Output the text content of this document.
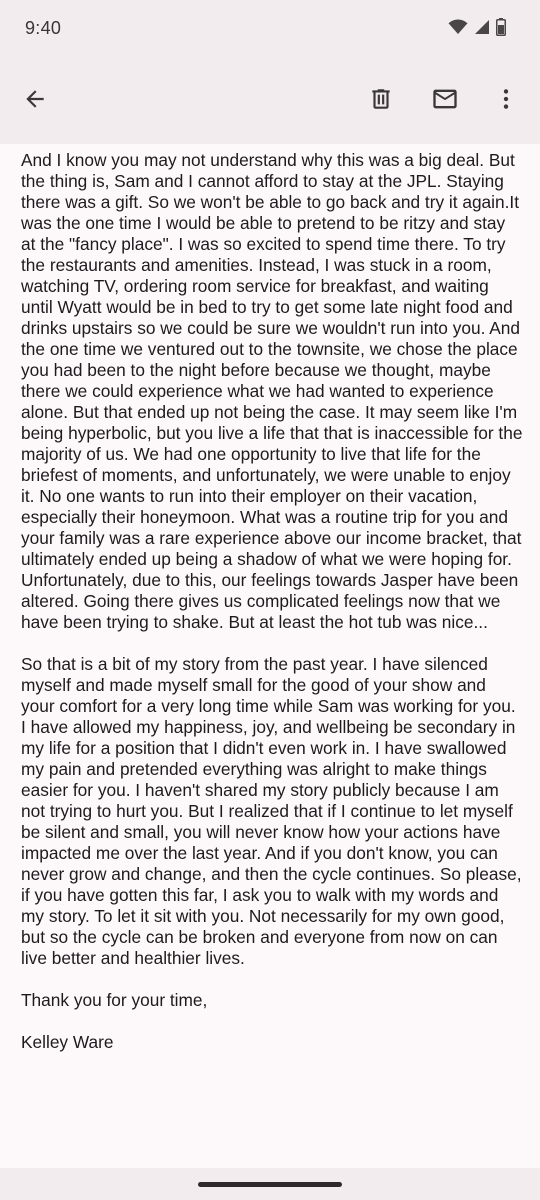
9:40

And I know you may not understand why this was a big deal. But the thing is, Sam and I cannot afford to stay at the JPL. Staying there was a gift. So we won't be able to go back and try it again.It was the one time I would be able to pretend to be ritzy and stay at the "fancy place". I was so excited to spend time there. To try the restaurants and amenities. Instead, I was stuck in a room, watching TV, ordering room service for breakfast, and waiting until Wyatt would be in bed to try to get some late night food and drinks upstairs so we could be sure we wouldn't run into you. And the one time we ventured out to the townsite, we chose the place you had been to the night before because we thought, maybe there we could experience what we had wanted to experience alone. But that ended up not being the case. It may seem like I'm being hyperbolic, but you live a life that that is inaccessible for the majority of us. We had one opportunity to live that life for the briefest of moments, and unfortunately, we were unable to enjoy it. No one wants to run into their employer on their vacation, especially their honeymoon. What was a routine trip for you and your family was a rare experience above our income bracket, that ultimately ended up being a shadow of what we were hoping for. Unfortunately, due to this, our feelings towards Jasper have been altered. Going there gives us complicated feelings now that we have been trying to shake. But at least the hot tub was nice...

So that is a bit of my story from the past year. I have silenced myself and made myself small for the good of your show and your comfort for a very long time while Sam was working for you. I have allowed my happiness, joy, and wellbeing be secondary in my life for a position that I didn't even work in. I have swallowed my pain and pretended everything was alright to make things easier for you. I haven't shared my story publicly because I am not trying to hurt you. But I realized that if I continue to let myself be silent and small, you will never know how your actions have impacted me over the last year. And if you don't know, you can never grow and change, and then the cycle continues. So please, if you have gotten this far, I ask you to walk with my words and my story. To let it sit with you. Not necessarily for my own good, but so the cycle can be broken and everyone from now on can live better and healthier lives.

Thank you for your time,

Kelley Ware
